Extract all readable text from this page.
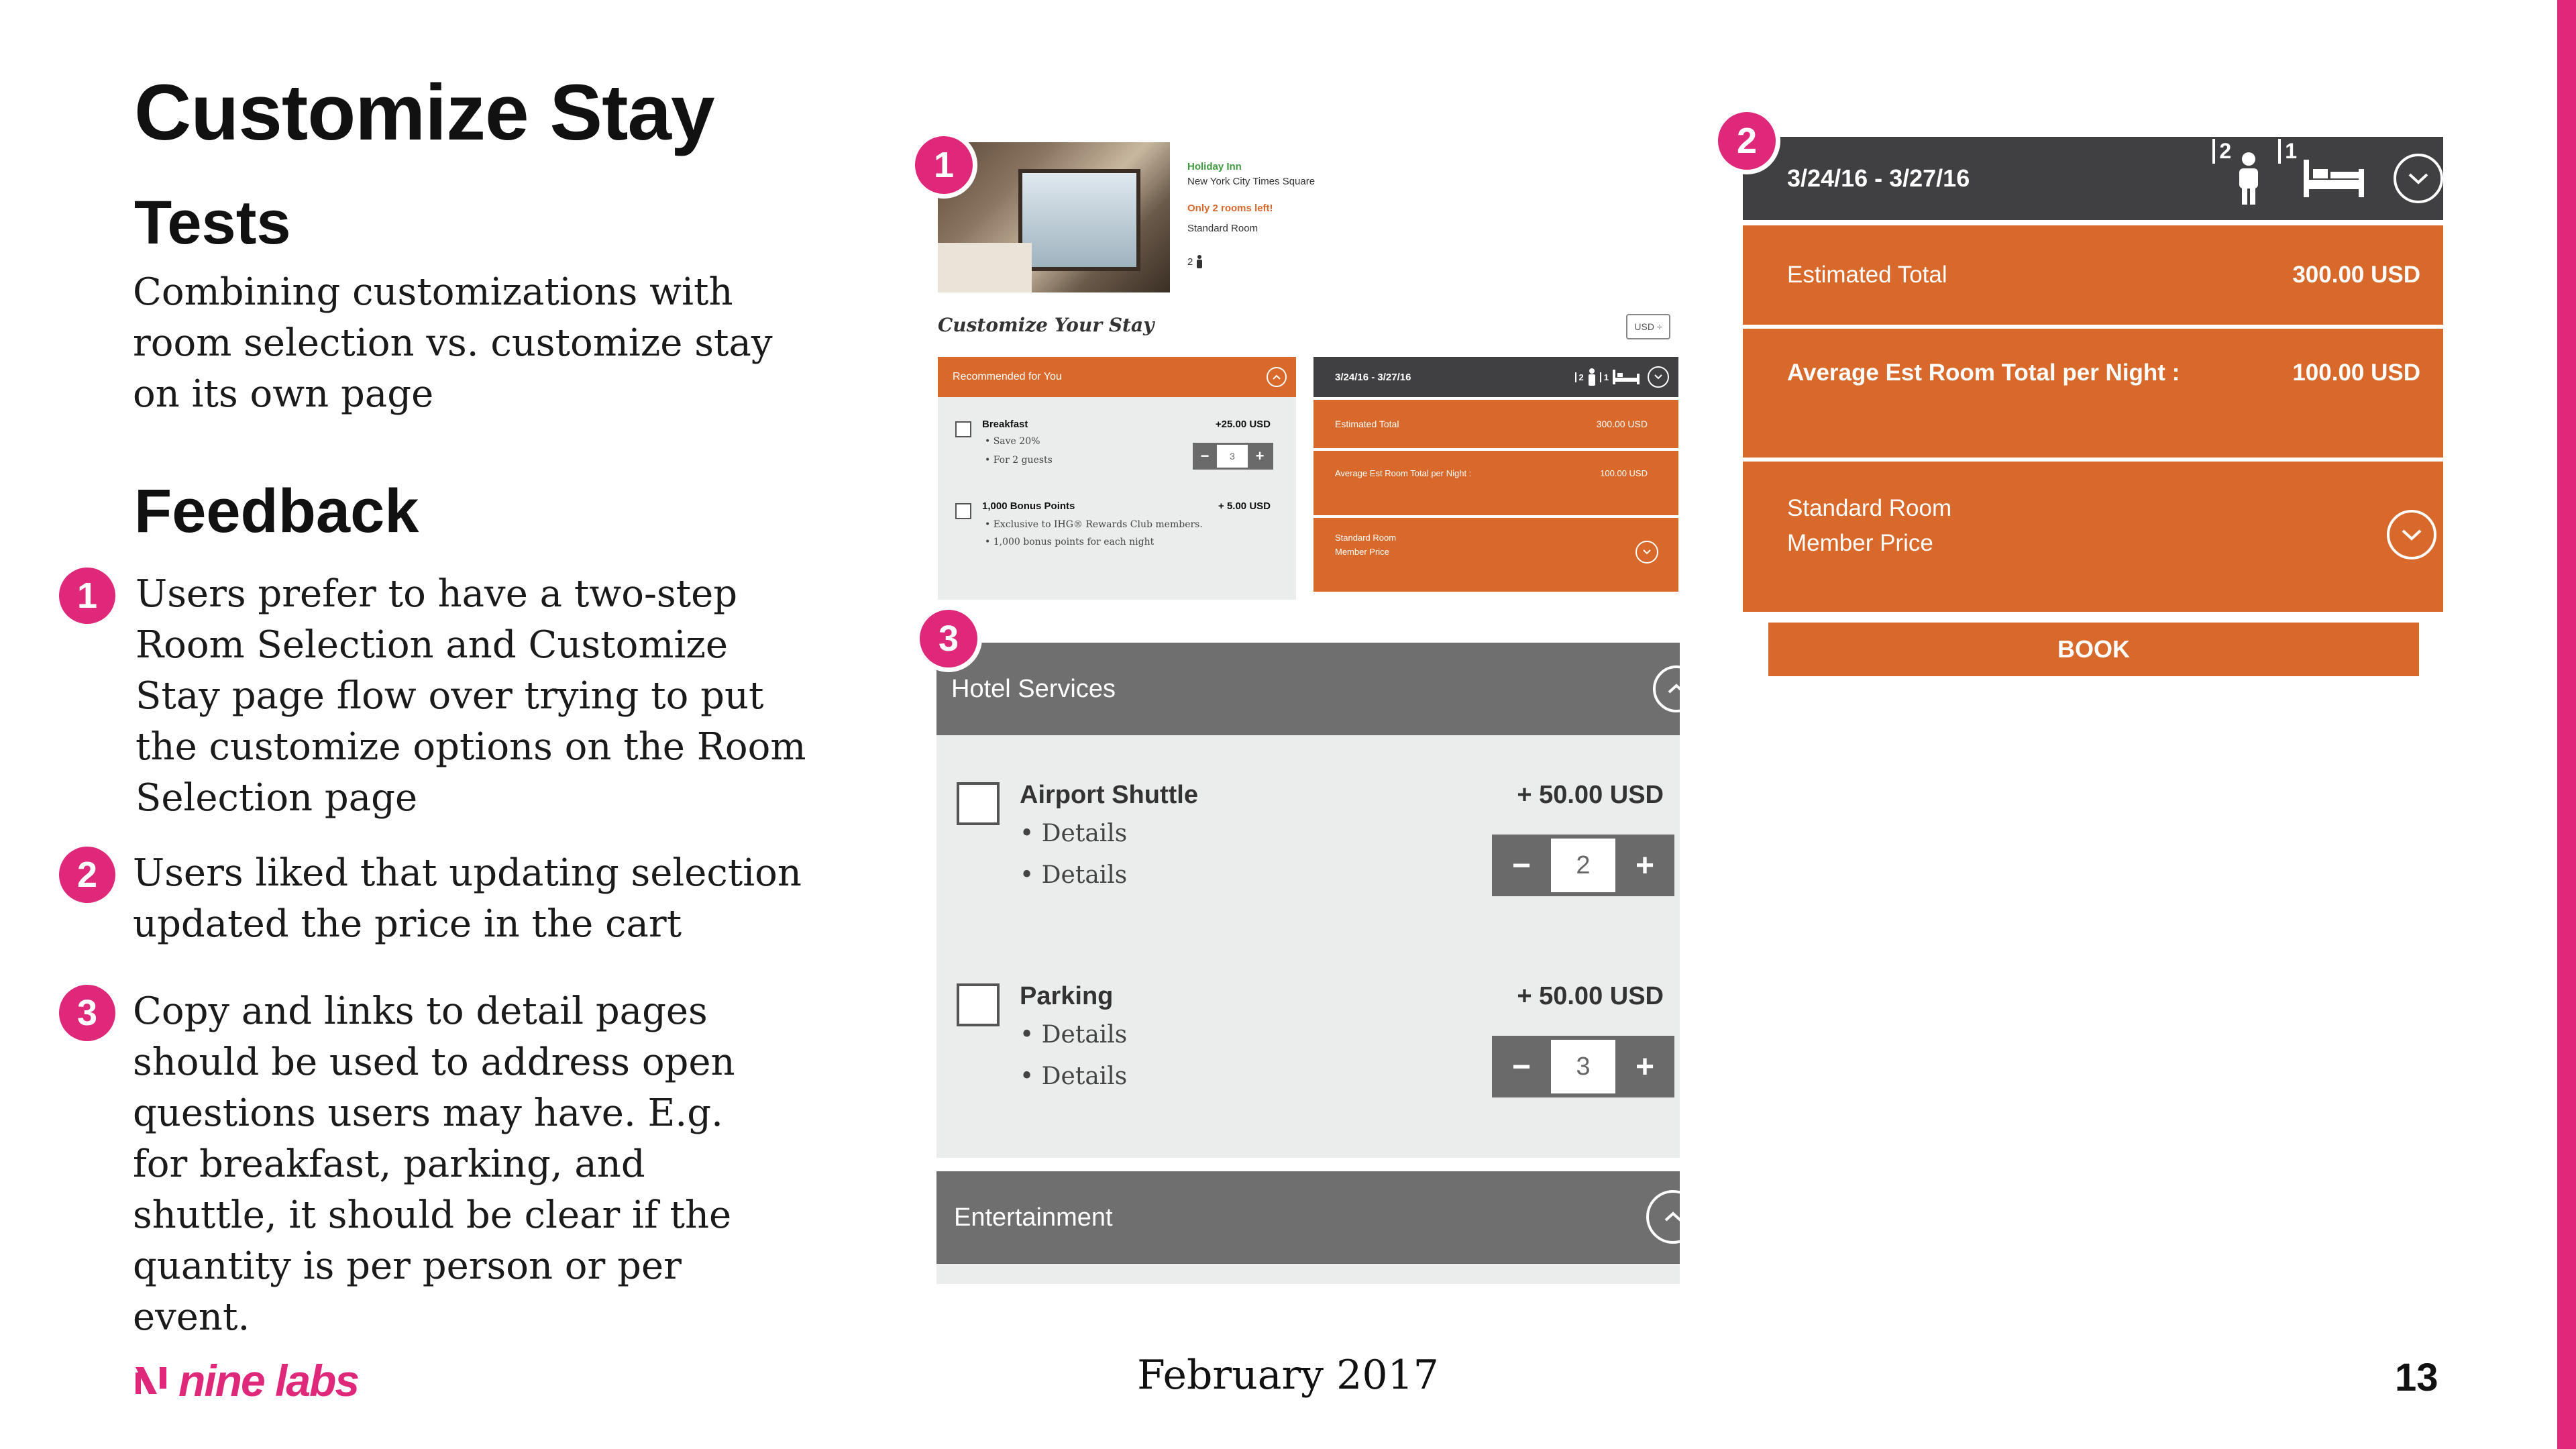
Customize Stay
Tests
Combining customizations with room selection vs. customize stay on its own page
Feedback
1	Users prefer to have a two-step Room Selection and Customize Stay page flow over trying to put the customize options on the Room Selection page
2 Users liked that updating selection updated the price in the cart
3 Copy and links to detail pages should be used to address open questions users may have. E.g. for breakfast, parking, and shuttle, it should be clear if the quantity is per person or per event.
nine labs	February 2017	13
1	Holiday Inn
New York City Times Square
Only 2 rooms left!
Standard Room
2
Customize Your Stay	USD ÷
Recommended for You
Breakfast	+25.00 USD
• Save 20%
• For 2 guests	−	3	+
1,000 Bonus Points	+ 5.00 USD
• Exclusive to IHG® Rewards Club members.
• 1,000 bonus points for each night
3/24/16 - 3/27/16	2	1
Estimated Total	300.00 USD
Average Est Room Total per Night :	100.00 USD
Standard Room
Member Price
3/24/16 - 3/27/16
2	1
Estimated Total	300.00 USD
Average Est Room Total per Night :	100.00 USD
Standard Room
Member Price
BOOK
2
Hotel Services
Airport Shuttle	+ 50.00 USD
• Details
• Details	−	2	+
Parking	+ 50.00 USD
• Details
• Details	−	3	+
Entertainment
3
